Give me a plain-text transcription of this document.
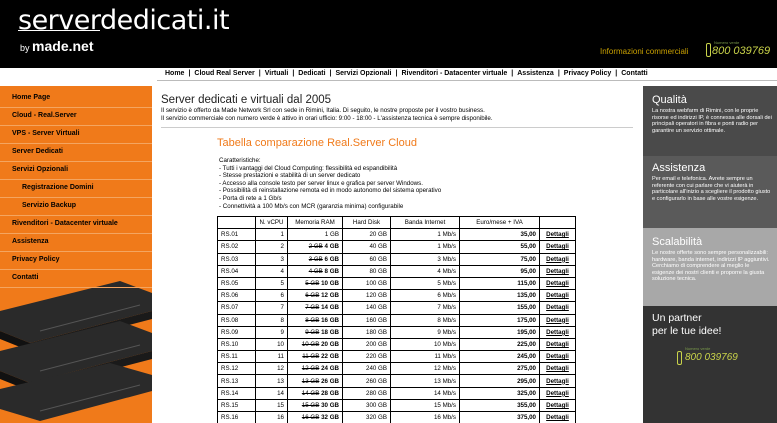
serverdedicati.it
by made.net	Informazioni commerciali
Numero verde
800 039769
Home | Cloud Real Server | Virtuali | Dedicati | Servizi Opzionali | Rivenditori - Datacenter virtuale | Assistenza | Privacy Policy | Contatti
Home Page
Cloud - Real.Server
VPS - Server Virtuali
Server Dedicati
Servizi Opzionali
Registrazione Domini
Servizio Backup
Rivenditori - Datacenter virtuale
Assistenza
Privacy Policy
Contatti
Server dedicati e virtuali dal 2005
Il servizio è offerto da Made Network Srl con sede in Rimini, Italia. Di seguito, le nostre proposte per il vostro business.
Il servizio commerciale con numero verde è attivo in orari ufficio: 9:00 - 18:00 - L'assistenza tecnica è sempre disponibile.
Tabella comparazione Real.Server Cloud
Caratteristiche:
- Tutti i vantaggi del Cloud Computing: flessibilità ed espandibilità
- Stesse prestazioni e stabilità di un server dedicato
- Accesso alla console testo per server linux e grafica per server Windows.
- Possibilità di reinstallazione remota ed in modo autonomo del sistema operativo
- Porta di rete a 1 Gb/s
- Connettività a 100 Mb/s con MCR (garanzia minima) configurabile
	N. vCPU	Memoria RAM	Hard Disk	Banda Internet	Euro/mese + IVA	
RS.01	1	1 GB	20 GB	1 Mb/s	35,00	Dettagli
RS.02	2	2 GB 4 GB	40 GB	1 Mb/s	55,00	Dettagli
RS.03	3	3 GB 6 GB	60 GB	3 Mb/s	75,00	Dettagli
RS.04	4	4 GB 8 GB	80 GB	4 Mb/s	95,00	Dettagli
RS.05	5	5 GB 10 GB	100 GB	5 Mb/s	115,00	Dettagli
RS.06	6	6 GB 12 GB	120 GB	6 Mb/s	135,00	Dettagli
RS.07	7	7 GB 14 GB	140 GB	7 Mb/s	155,00	Dettagli
RS.08	8	8 GB 16 GB	160 GB	8 Mb/s	175,00	Dettagli
RS.09	9	9 GB 18 GB	180 GB	9 Mb/s	195,00	Dettagli
RS.10	10	10 GB 20 GB	200 GB	10 Mb/s	225,00	Dettagli
RS.11	11	11 GB 22 GB	220 GB	11 Mb/s	245,00	Dettagli
RS.12	12	12 GB 24 GB	240 GB	12 Mb/s	275,00	Dettagli
RS.13	13	13 GB 26 GB	260 GB	13 Mb/s	295,00	Dettagli
RS.14	14	14 GB 28 GB	280 GB	14 Mb/s	325,00	Dettagli
RS.15	15	15 GB 30 GB	300 GB	15 Mb/s	355,00	Dettagli
RS.16	16	16 GB 32 GB	320 GB	16 Mb/s	375,00	Dettagli
Qualità
La nostra webfarm di Rimini, con le proprie risorse ed indirizzi IP, è connessa alle dorsali dei principali operatori in fibra e ponti radio per garantire un servizio ottimale.
Assistenza
Per email e telefonica. Avrete sempre un referente con cui parlare che vi aiuterà in particolare all'inizio a scegliere il prodotto giusto e configurarlo in base alle vostre esigenze.
Scalabilità
Le nostre offerte sono sempre personalizzabili: hardware, banda internet, indirizzi IP aggiuntivi. Cerchiamo di comprendere al meglio le esigenze dei nostri clienti e proporre la giusta soluzione tecnica.
Un partner
per le tue idee!
Numero verde
800 039769
